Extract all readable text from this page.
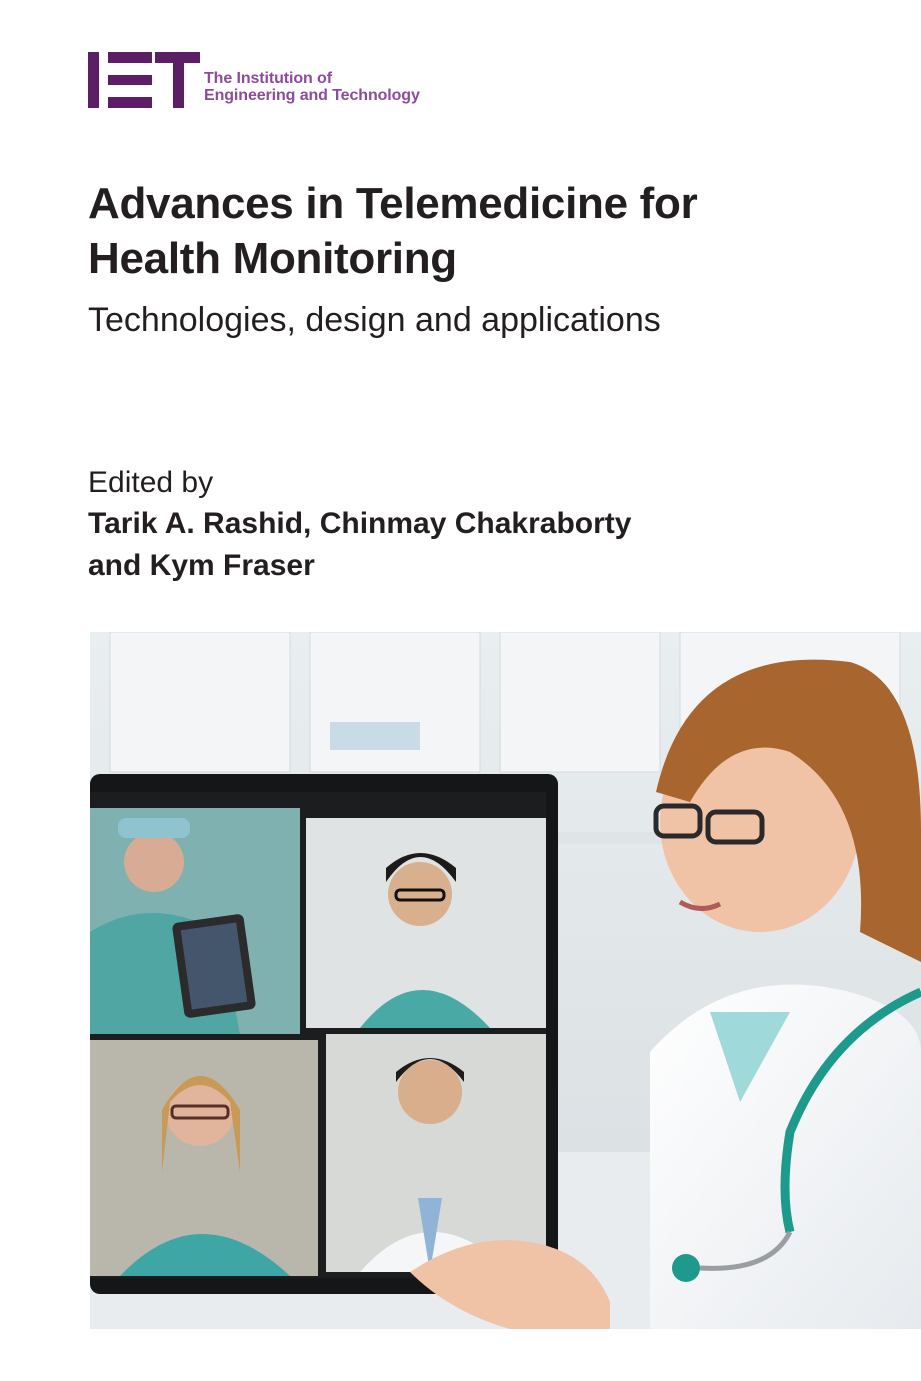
The Institution of
Engineering and Technology
Advances in Telemedicine for
Health Monitoring
Technologies, design and applications
Edited by
Tarik A. Rashid, Chinmay Chakraborty
and Kym Fraser
